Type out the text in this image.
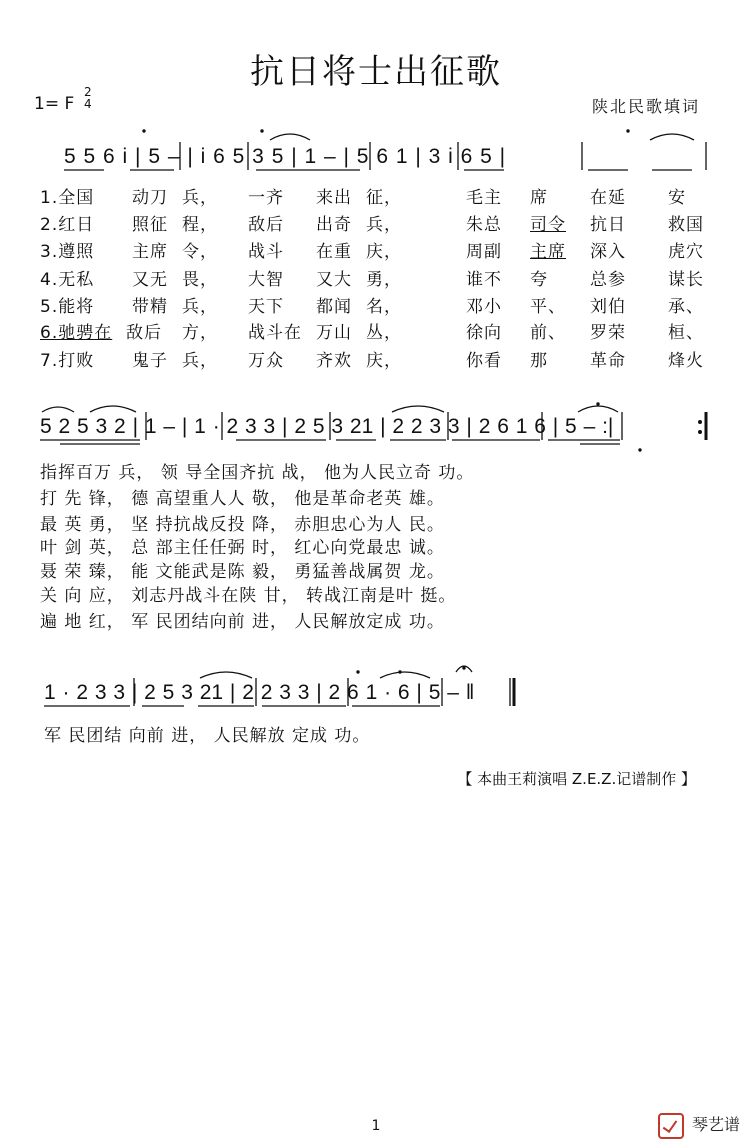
抗日将士出征歌
1= F
2
4	陕北民歌填词
5 5 6 i | 5 – | i 6 5 3 5 | 1 – | 5 6 1 | 3 i 6 5 |
1.全国 动刀 兵， 一齐 来出 征，	毛主 席 在延 安
2.红日 照征 程， 敌后 出奇 兵，	朱总 司令 抗日 救国
3.遵照 主席 令， 战斗 在重 庆，	周副 主席 深入 虎穴
4.无私 又无 畏， 大智 又大 勇，	谁不 夸 总参 谋长
5.能将 带精 兵， 天下 都闻 名，	邓小 平、 刘伯 承、
6.驰骋在 敌后 方， 战斗在 万山 丛，	徐向 前、 罗荣 桓、
7.打败 鬼子 兵， 万众 齐欢 庆，	你看 那 革命 烽火
5 2 5 3 2 | 1 – | 1 · 2 3 3 | 2 5 3 21 | 2 2 3 3 | 2 6 1 6 | 5 – :|
指挥百万 兵， 领 导全国齐抗 战， 他为人民立奇 功。
打 先 锋， 德 高望重人人 敬， 他是革命老英 雄。
最 英 勇， 坚 持抗战反投 降， 赤胆忠心为人 民。
叶 剑 英， 总 部主任任弼 时， 红心向党最忠 诚。
聂 荣 臻， 能 文能武是陈 毅， 勇猛善战属贺 龙。
关 向 应， 刘志丹战斗在陕 甘， 转战江南是叶 挺。
遍 地 红， 军 民团结向前 进， 人民解放定成 功。
1 · 2 3 3 | 2 5 3 21 | 2 2 3 3 | 2 6 1 · 6 | 5 – ‖
军 民团结 向前 进， 人民解放 定成 功。
【 本曲王莉演唱 Z.E.Z.记谱制作 】
1	琴艺谱
